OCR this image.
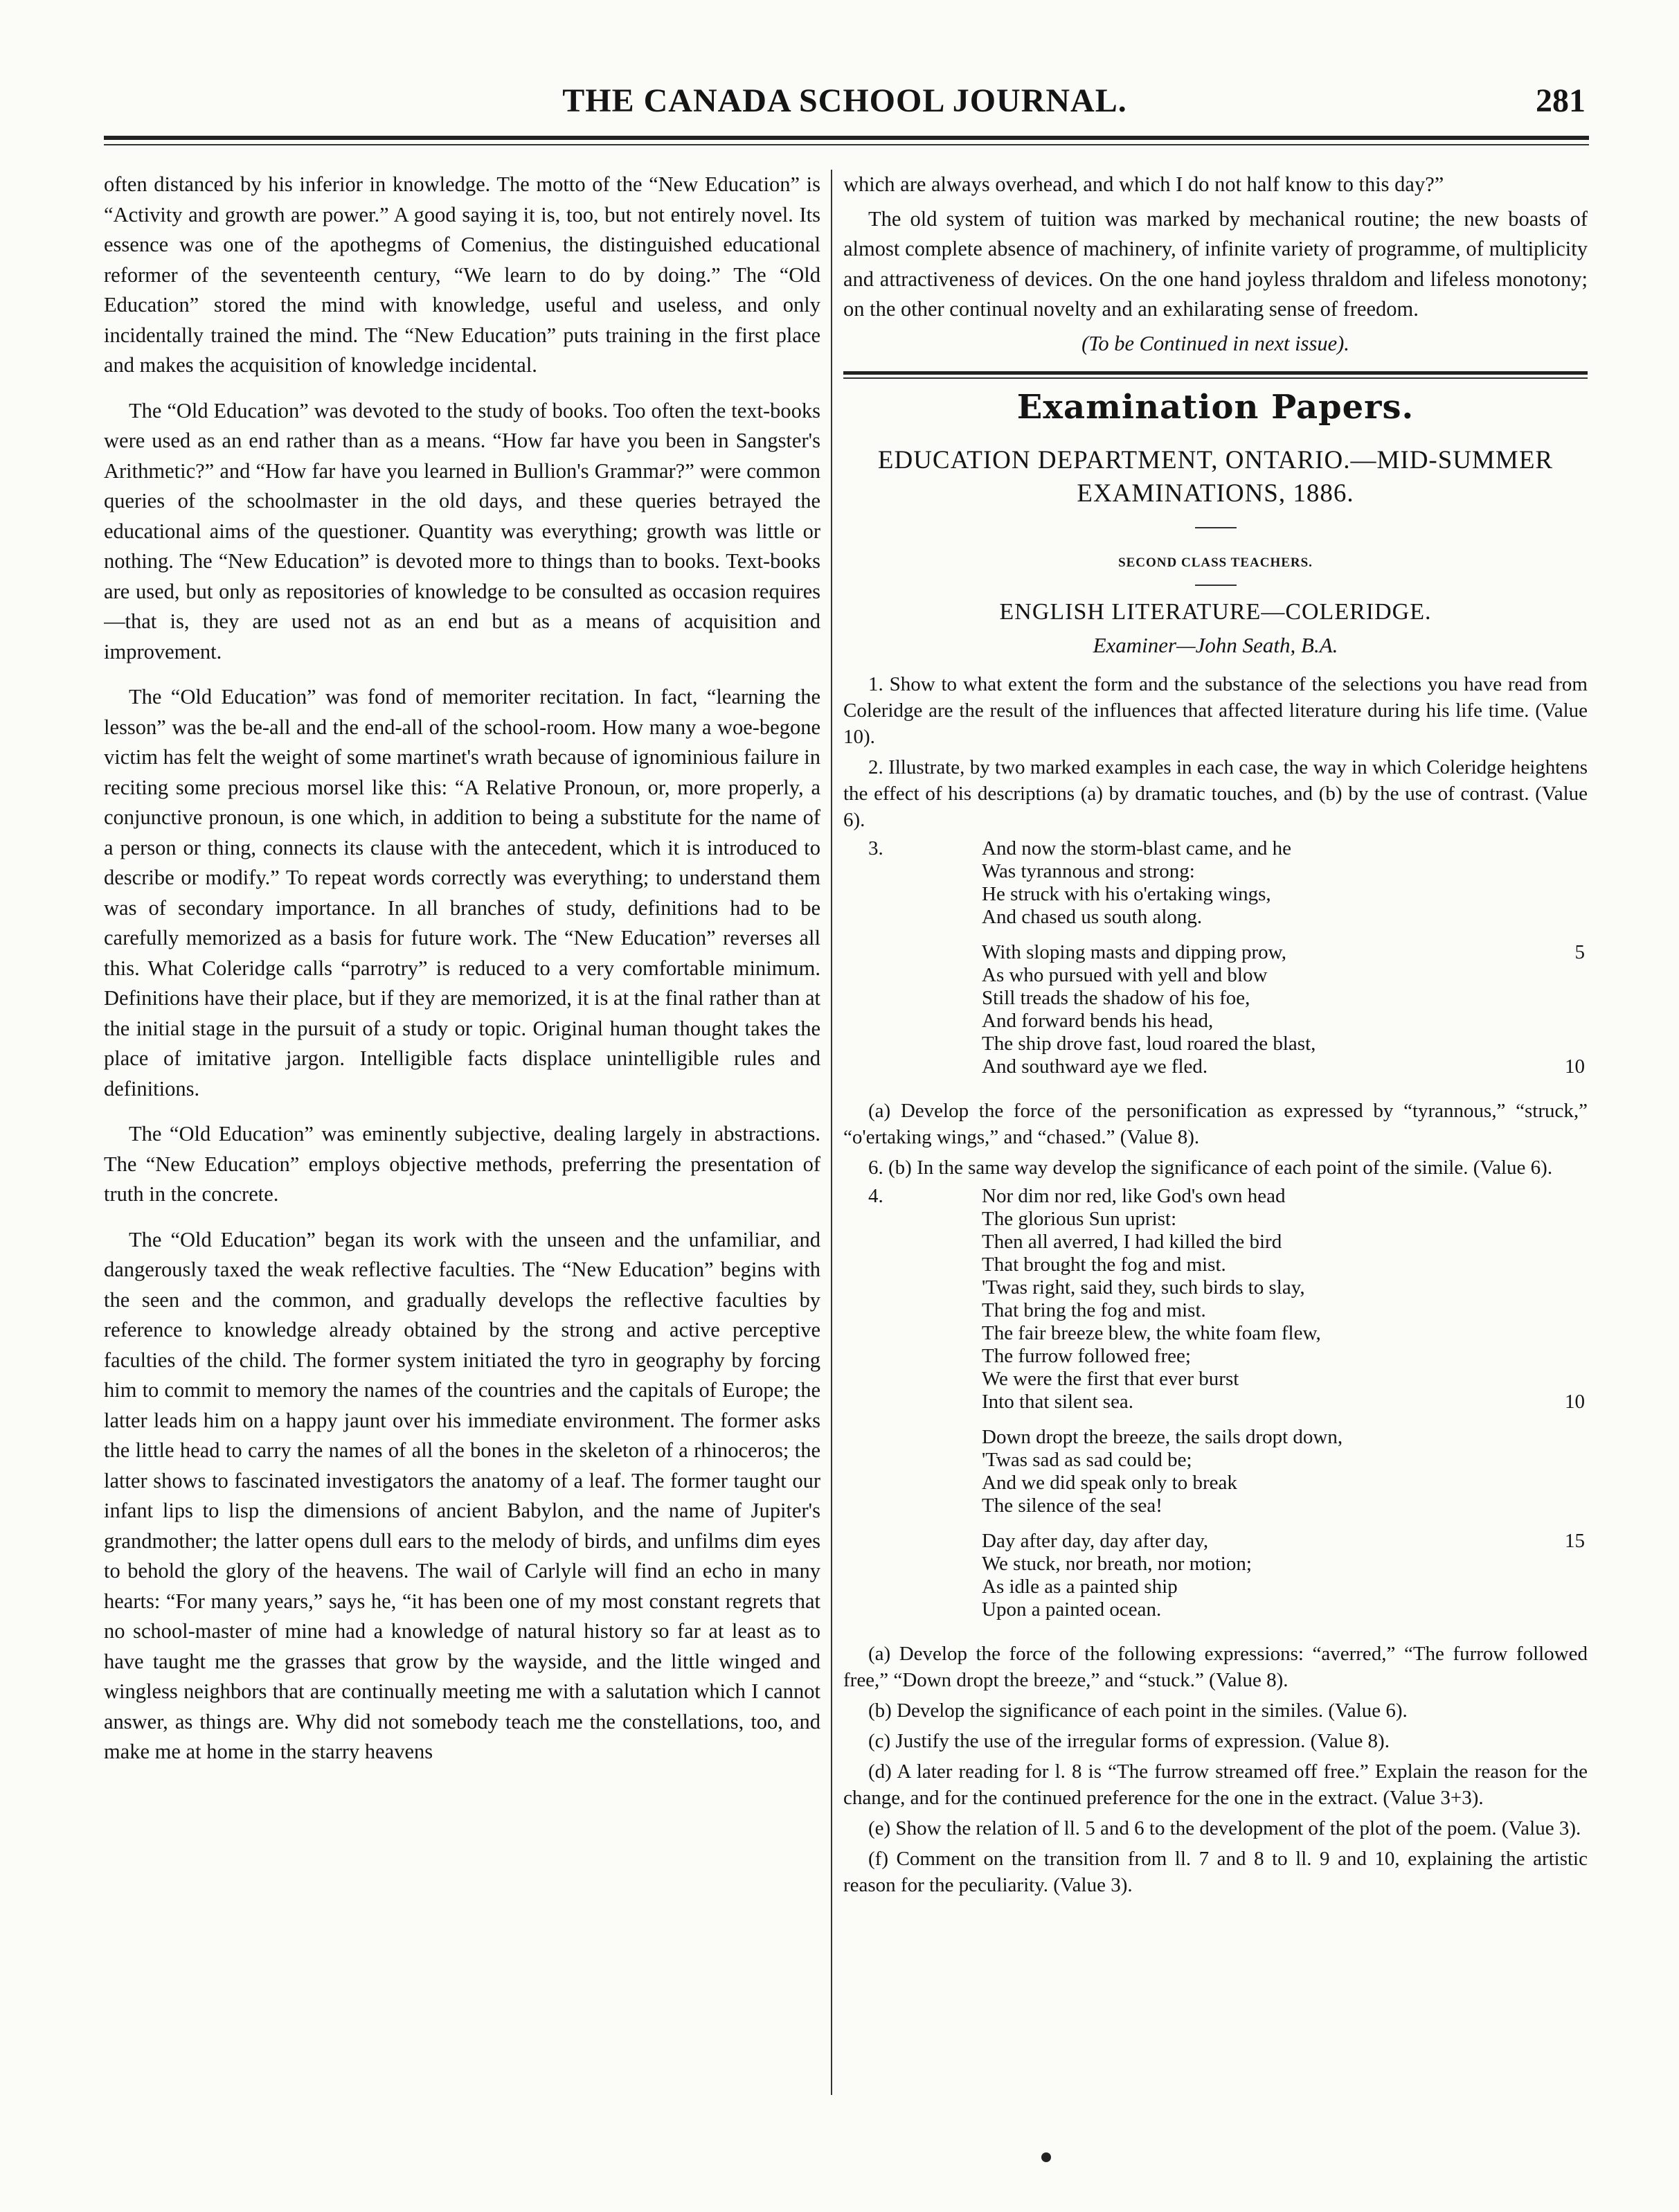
THE CANADA SCHOOL JOURNAL.	281

often distanced by his inferior in knowledge. The motto of the “New Education” is “Activity and growth are power.” A good saying it is, too, but not entirely novel. Its essence was one of the apothegms of Comenius, the distinguished educational reformer of the seventeenth century, “We learn to do by doing.” The “Old Education” stored the mind with knowledge, useful and useless, and only incidentally trained the mind. The “New Education” puts training in the first place and makes the acquisition of knowledge incidental.

The “Old Education” was devoted to the study of books. Too often the text-books were used as an end rather than as a means. “How far have you been in Sangster's Arithmetic?” and “How far have you learned in Bullion's Grammar?” were common queries of the schoolmaster in the old days, and these queries betrayed the educational aims of the questioner. Quantity was everything; growth was little or nothing. The “New Education” is devoted more to things than to books. Text-books are used, but only as repositories of knowledge to be consulted as occasion requires—that is, they are used not as an end but as a means of acquisition and improvement.

The “Old Education” was fond of memoriter recitation. In fact, “learning the lesson” was the be-all and the end-all of the school-room. How many a woe-begone victim has felt the weight of some martinet's wrath because of ignominious failure in reciting some precious morsel like this: “A Relative Pronoun, or, more properly, a conjunctive pronoun, is one which, in addition to being a substitute for the name of a person or thing, connects its clause with the antecedent, which it is introduced to describe or modify.” To repeat words correctly was everything; to understand them was of secondary importance. In all branches of study, definitions had to be carefully memorized as a basis for future work. The “New Education” reverses all this. What Coleridge calls “parrotry” is reduced to a very comfortable minimum. Definitions have their place, but if they are memorized, it is at the final rather than at the initial stage in the pursuit of a study or topic. Original human thought takes the place of imitative jargon. Intelligible facts displace unintelligible rules and definitions.

The “Old Education” was eminently subjective, dealing largely in abstractions. The “New Education” employs objective methods, preferring the presentation of truth in the concrete.

The “Old Education” began its work with the unseen and the unfamiliar, and dangerously taxed the weak reflective faculties. The “New Education” begins with the seen and the common, and gradually develops the reflective faculties by reference to knowledge already obtained by the strong and active perceptive faculties of the child. The former system initiated the tyro in geography by forcing him to commit to memory the names of the countries and the capitals of Europe; the latter leads him on a happy jaunt over his immediate environment. The former asks the little head to carry the names of all the bones in the skeleton of a rhinoceros; the latter shows to fascinated investigators the anatomy of a leaf. The former taught our infant lips to lisp the dimensions of ancient Babylon, and the name of Jupiter's grandmother; the latter opens dull ears to the melody of birds, and unfilms dim eyes to behold the glory of the heavens. The wail of Carlyle will find an echo in many hearts: “For many years,” says he, “it has been one of my most constant regrets that no school-master of mine had a knowledge of natural history so far at least as to have taught me the grasses that grow by the wayside, and the little winged and wingless neighbors that are continually meeting me with a salutation which I cannot answer, as things are. Why did not somebody teach me the constellations, too, and make me at home in the starry heavens

which are always overhead, and which I do not half know to this day?”

The old system of tuition was marked by mechanical routine; the new boasts of almost complete absence of machinery, of infinite variety of programme, of multiplicity and attractiveness of devices. On the one hand joyless thraldom and lifeless monotony; on the other continual novelty and an exhilarating sense of freedom.

(To be Continued in next issue).

Examination Papers.
EDUCATION DEPARTMENT, ONTARIO.—MID-SUMMER EXAMINATIONS, 1886.
SECOND CLASS TEACHERS.
ENGLISH LITERATURE—COLERIDGE.
Examiner—John Seath, B.A.

1. Show to what extent the form and the substance of the selections you have read from Coleridge are the result of the influences that affected literature during his life time. (Value 10).

2. Illustrate, by two marked examples in each case, the way in which Coleridge heightens the effect of his descriptions (a) by dramatic touches, and (b) by the use of contrast. (Value 6).

3.	And now the storm-blast came, and he
Was tyrannous and strong:
He struck with his o'ertaking wings,
And chased us south along.
With sloping masts and dipping prow,	5
As who pursued with yell and blow
Still treads the shadow of his foe,
And forward bends his head,
The ship drove fast, loud roared the blast,
And southward aye we fled.	10

(a) Develop the force of the personification as expressed by “tyrannous,” “struck,” “o'ertaking wings,” and “chased.” (Value 8).

6. (b) In the same way develop the significance of each point of the simile. (Value 6).

4.	Nor dim nor red, like God's own head
The glorious Sun uprist:
Then all averred, I had killed the bird
That brought the fog and mist.
'Twas right, said they, such birds to slay,
That bring the fog and mist.
The fair breeze blew, the white foam flew,
The furrow followed free;
We were the first that ever burst
Into that silent sea.	10
Down dropt the breeze, the sails dropt down,
'Twas sad as sad could be;
And we did speak only to break
The silence of the sea!
Day after day, day after day,	15
We stuck, nor breath, nor motion;
As idle as a painted ship
Upon a painted ocean.

(a) Develop the force of the following expressions: “averred,” “The furrow followed free,” “Down dropt the breeze,” and “stuck.” (Value 8).

(b) Develop the significance of each point in the similes. (Value 6).

(c) Justify the use of the irregular forms of expression. (Value 8).

(d) A later reading for l. 8 is “The furrow streamed off free.” Explain the reason for the change, and for the continued preference for the one in the extract. (Value 3+3).

(e) Show the relation of ll. 5 and 6 to the development of the plot of the poem. (Value 3).

(f) Comment on the transition from ll. 7 and 8 to ll. 9 and 10, explaining the artistic reason for the peculiarity. (Value 3).
